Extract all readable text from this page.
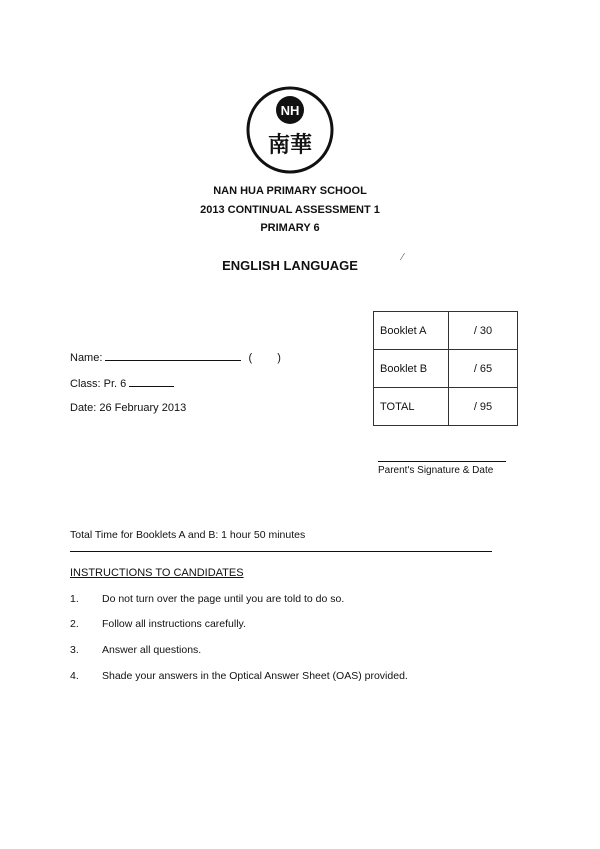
NH
南華
NAN HUA PRIMARY SCHOOL
2013 CONTINUAL ASSESSMENT 1
PRIMARY 6
ENGLISH LANGUAGE
⁄
Name:	( )
Class: Pr. 6
Date: 26 February 2013
Booklet A	/ 30
Booklet B	/ 65
TOTAL	/ 95
Parent's Signature & Date
Total Time for Booklets A and B: 1 hour 50 minutes
INSTRUCTIONS TO CANDIDATES
1. Do not turn over the page until you are told to do so.
2. Follow all instructions carefully.
3. Answer all questions.
4. Shade your answers in the Optical Answer Sheet (OAS) provided.
